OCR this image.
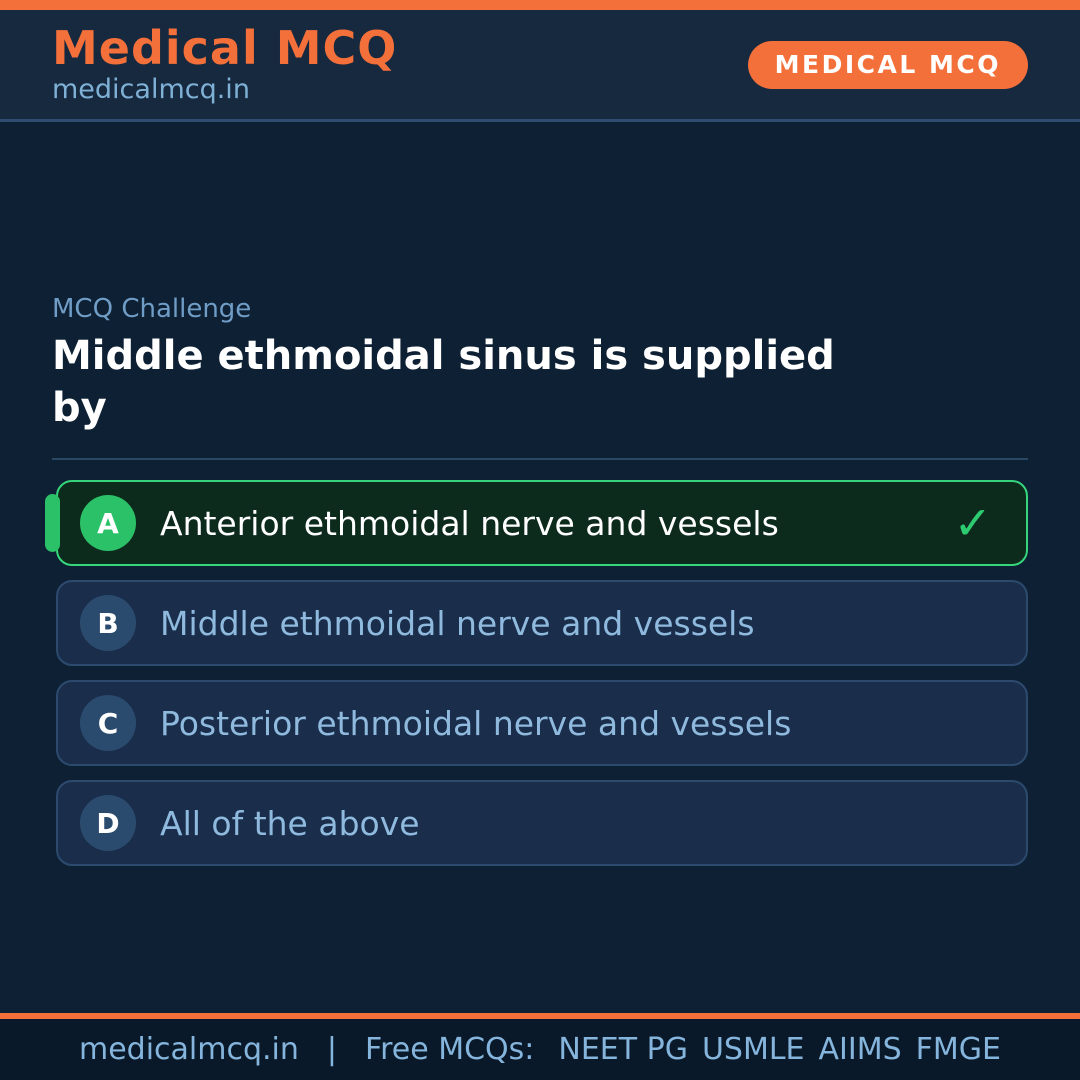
Medical MCQ
medicalmcq.in
MEDICAL MCQ
MCQ Challenge
Middle ethmoidal sinus is supplied by
A	Anterior ethmoidal nerve and vessels	✓
B	Middle ethmoidal nerve and vessels
C	Posterior ethmoidal nerve and vessels
D	All of the above
medicalmcq.in | Free MCQs: NEET PG USMLE AIIMS FMGE
